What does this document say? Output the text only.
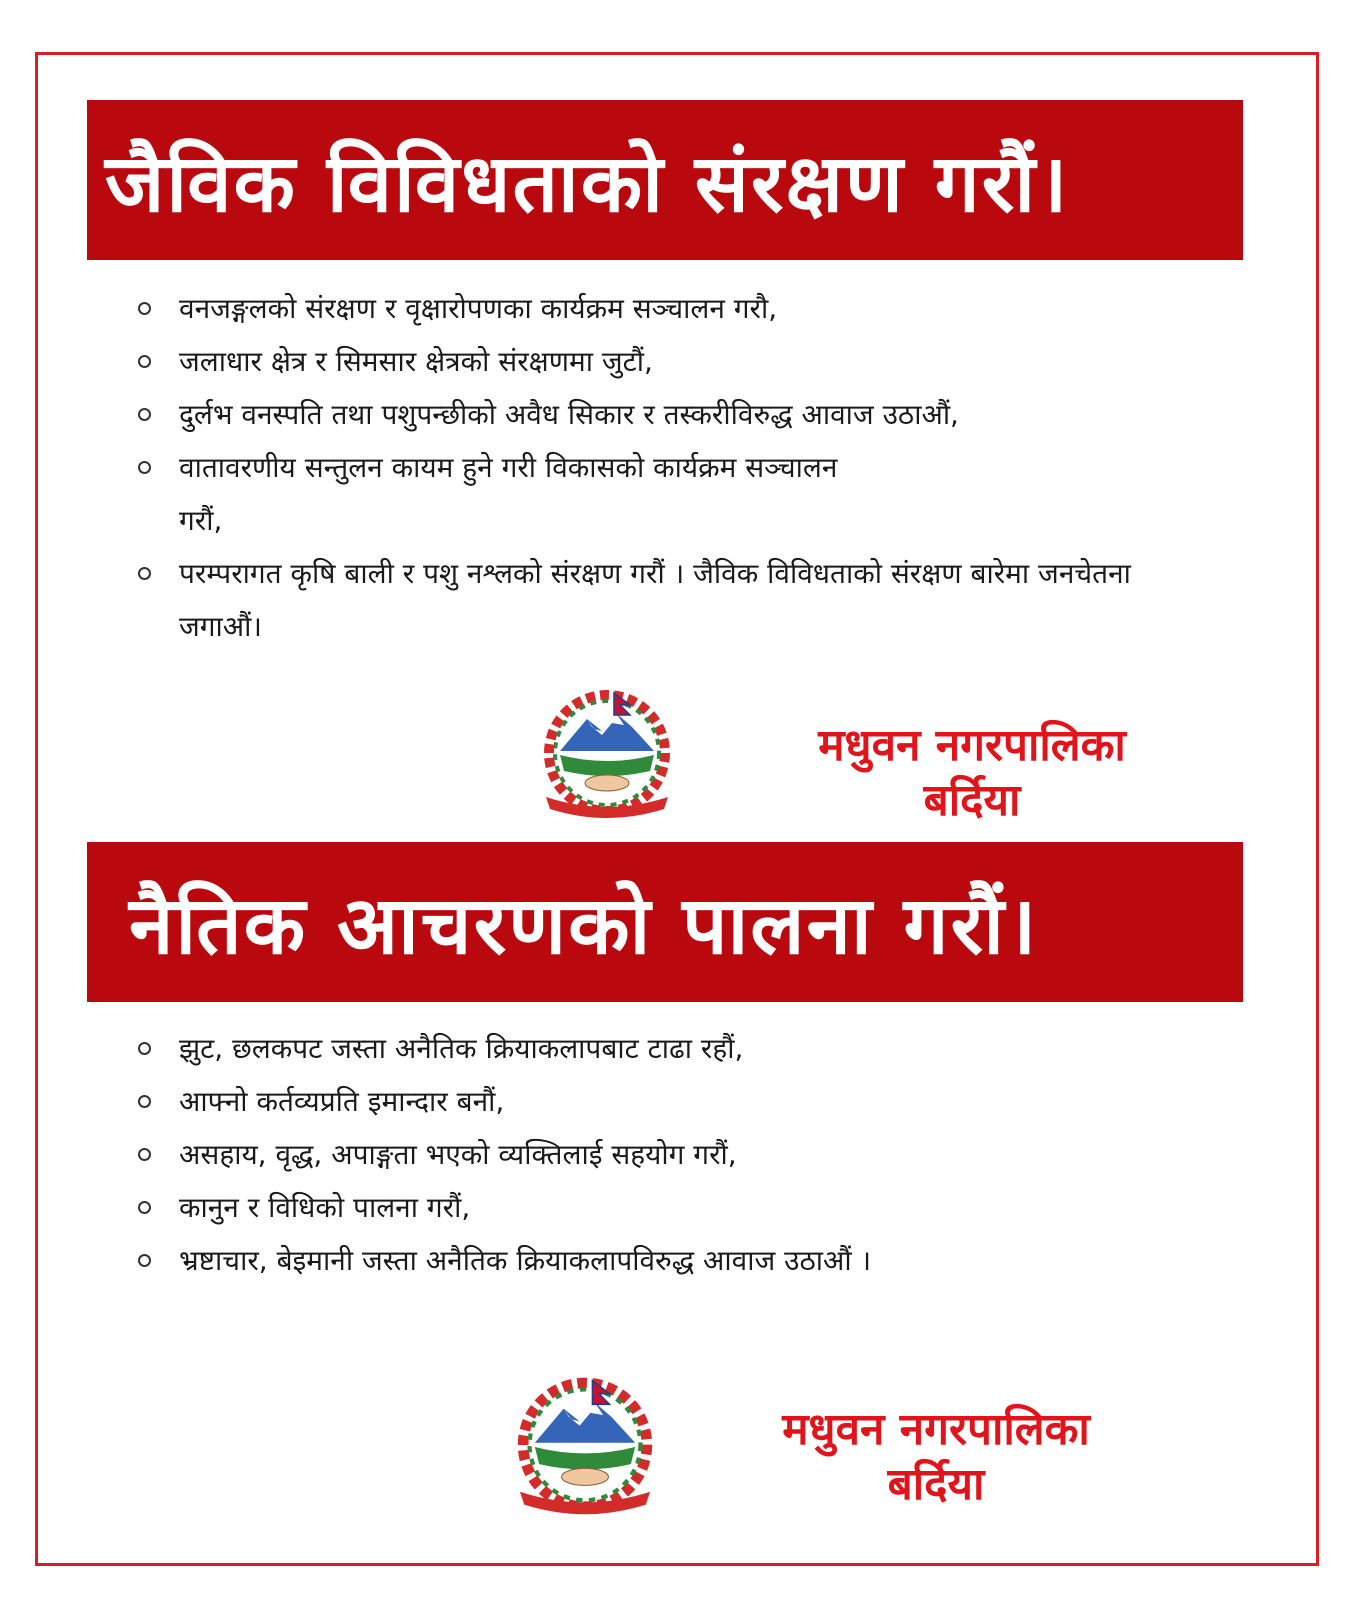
जैविक विविधताको संरक्षण गरौं।
वनजङ्गलको संरक्षण र वृक्षारोपणका कार्यक्रम सञ्चालन गरौ,
जलाधार क्षेत्र र सिमसार क्षेत्रको संरक्षणमा जुटौं,
दुर्लभ वनस्पति तथा पशुपन्छीको अवैध सिकार र तस्करीविरुद्ध आवाज उठाऔं,
वातावरणीय सन्तुलन कायम हुने गरी विकासको कार्यक्रम सञ्चालन गरौं,
परम्परागत कृषि बाली र पशु नश्लको संरक्षण गरौं । जैविक विविधताको संरक्षण बारेमा जनचेतना जगाऔं।
मधुवन नगरपालिका
बर्दिया
नैतिक आचरणको पालना गरौं।
झुट, छलकपट जस्ता अनैतिक क्रियाकलापबाट टाढा रहौं,
आफ्नो कर्तव्यप्रति इमान्दार बनौं,
असहाय, वृद्ध, अपाङ्गता भएको व्यक्तिलाई सहयोग गरौं,
कानुन र विधिको पालना गरौं,
भ्रष्टाचार, बेइमानी जस्ता अनैतिक क्रियाकलापविरुद्ध आवाज उठाऔं ।
मधुवन नगरपालिका
बर्दिया
